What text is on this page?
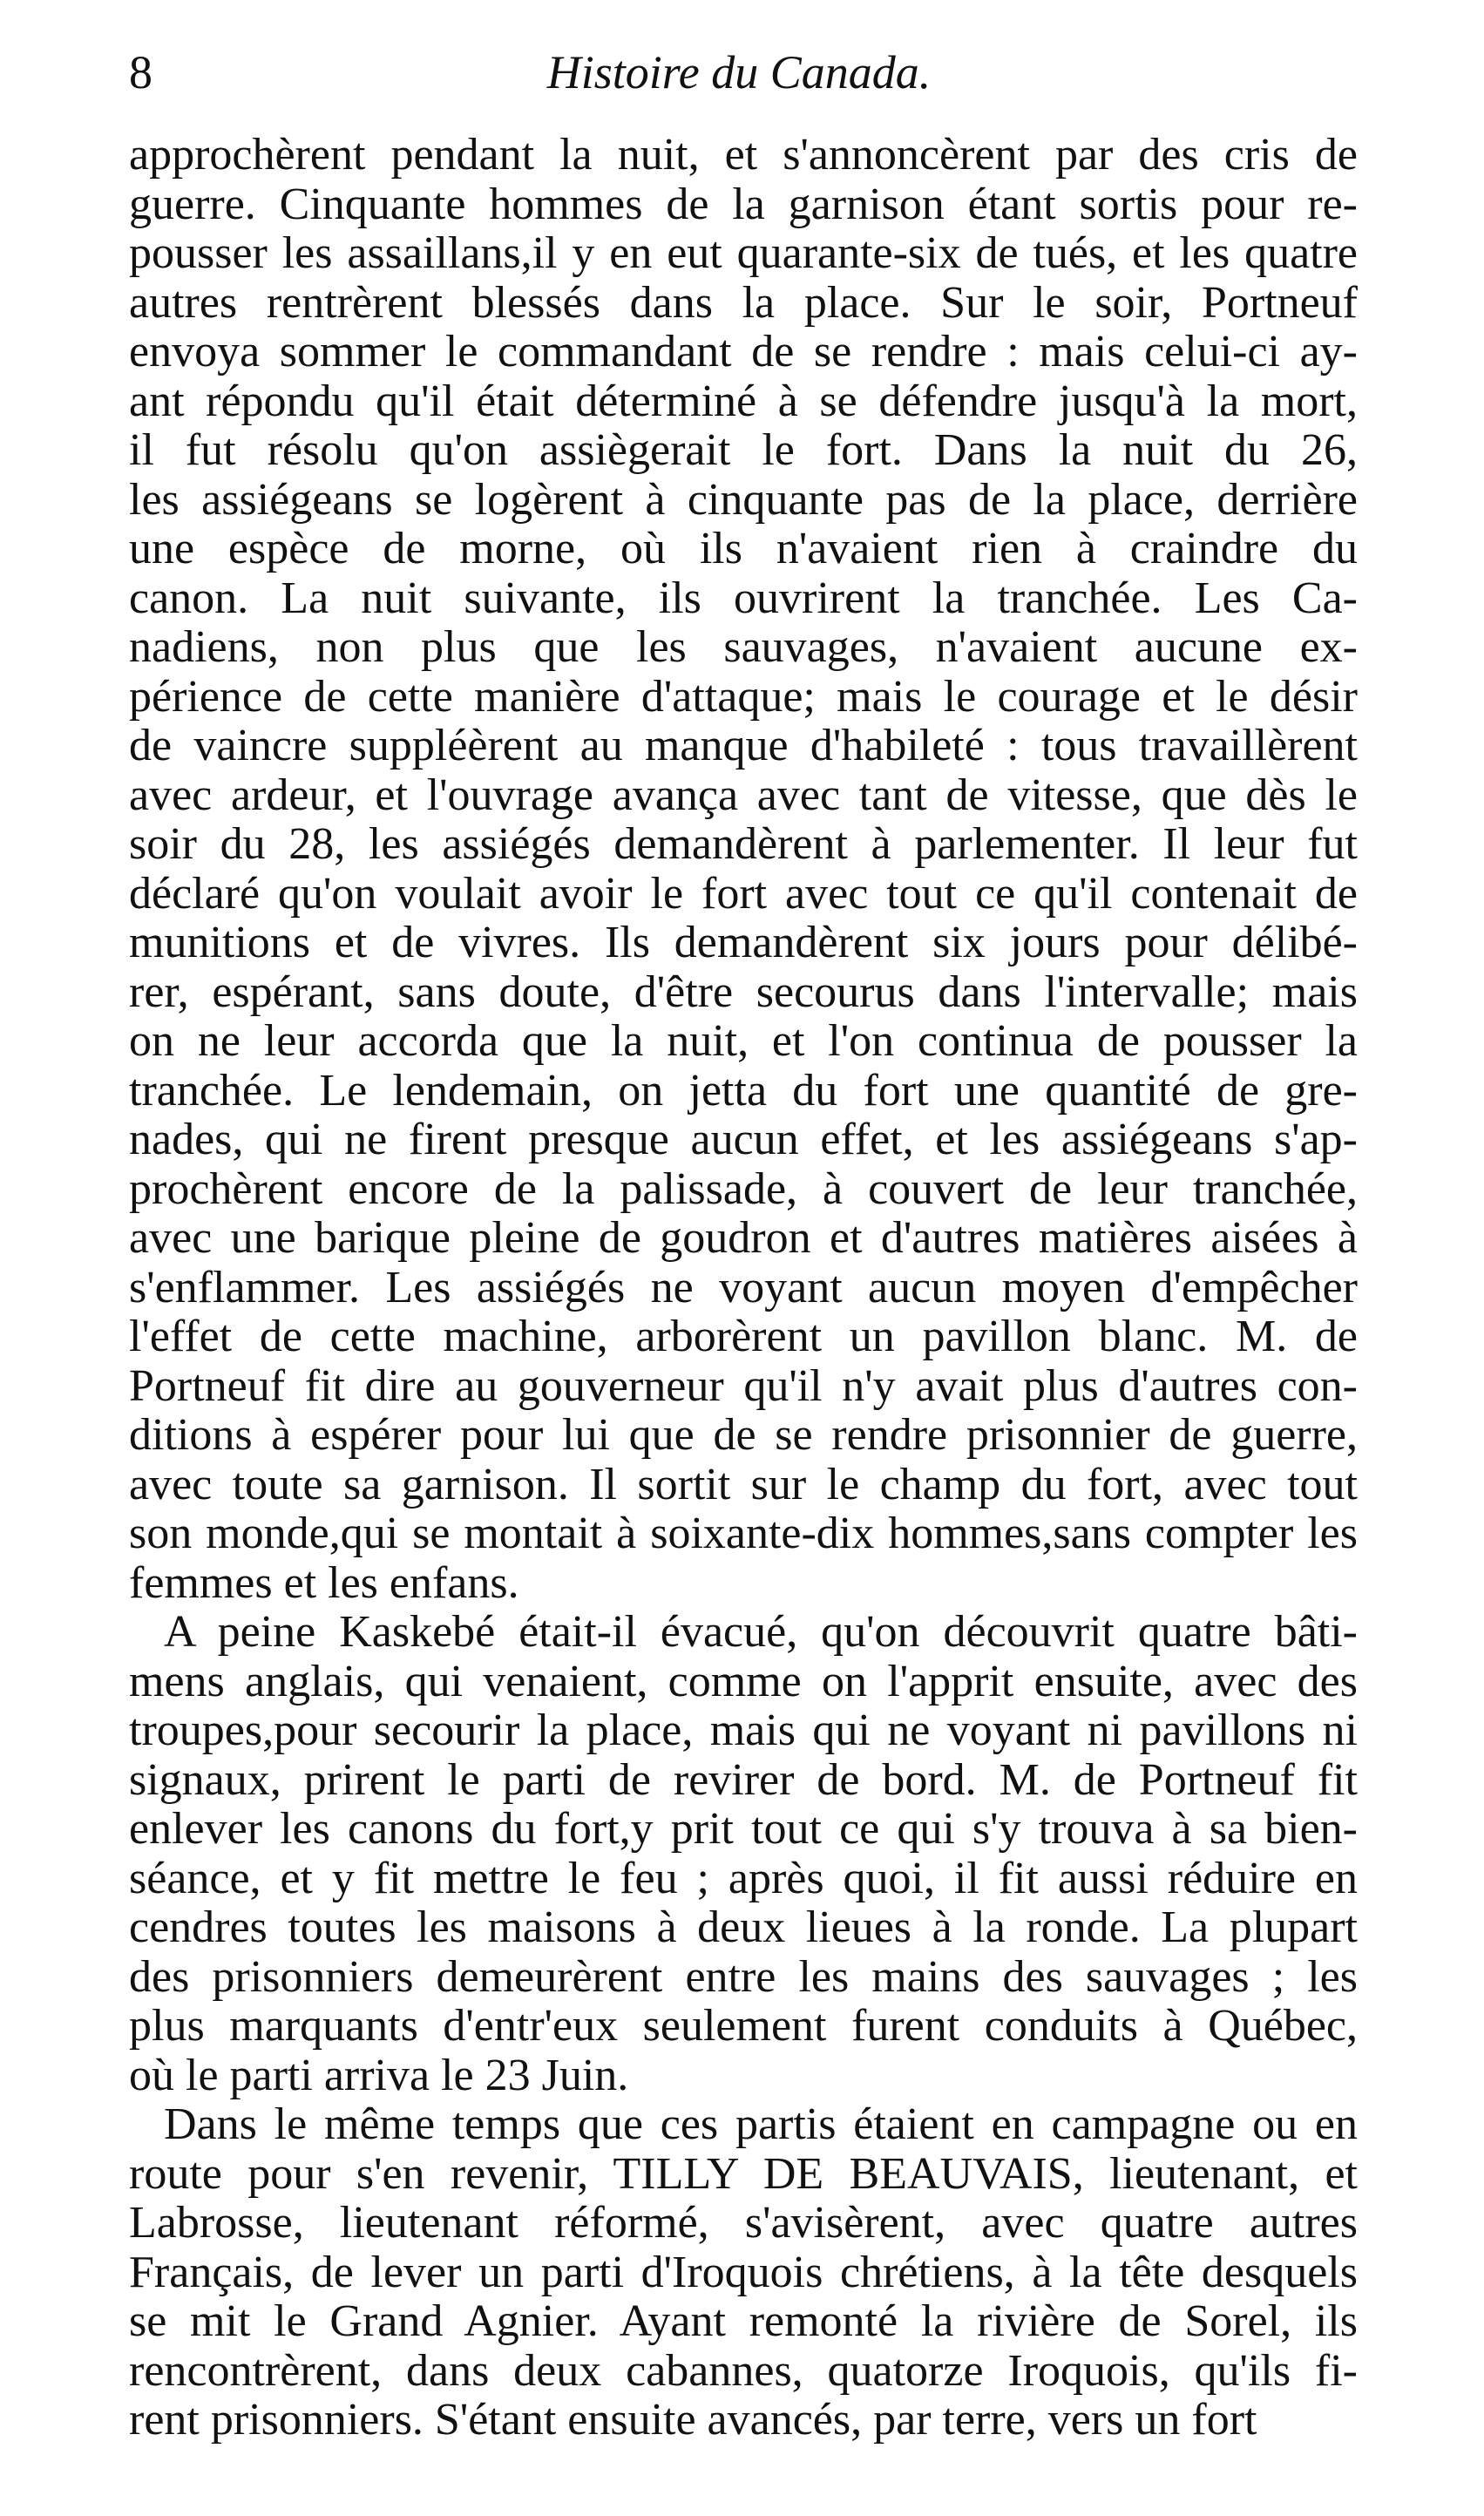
8	Histoire du Canada.
approchèrent pendant la nuit, et s'annoncèrent par des cris de
guerre. Cinquante hommes de la garnison étant sortis pour re-
pousser les assaillans,il y en eut quarante-six de tués, et les quatre
autres rentrèrent blessés dans la place. Sur le soir, Portneuf
envoya sommer le commandant de se rendre : mais celui-ci ay-
ant répondu qu'il était déterminé à se défendre jusqu'à la mort,
il fut résolu qu'on assiègerait le fort. Dans la nuit du 26,
les assiégeans se logèrent à cinquante pas de la place, derrière
une espèce de morne, où ils n'avaient rien à craindre du
canon. La nuit suivante, ils ouvrirent la tranchée. Les Ca-
nadiens, non plus que les sauvages, n'avaient aucune ex-
périence de cette manière d'attaque; mais le courage et le désir
de vaincre suppléèrent au manque d'habileté : tous travaillèrent
avec ardeur, et l'ouvrage avança avec tant de vitesse, que dès le
soir du 28, les assiégés demandèrent à parlementer. Il leur fut
déclaré qu'on voulait avoir le fort avec tout ce qu'il contenait de
munitions et de vivres. Ils demandèrent six jours pour délibé-
rer, espérant, sans doute, d'être secourus dans l'intervalle; mais
on ne leur accorda que la nuit, et l'on continua de pousser la
tranchée. Le lendemain, on jetta du fort une quantité de gre-
nades, qui ne firent presque aucun effet, et les assiégeans s'ap-
prochèrent encore de la palissade, à couvert de leur tranchée,
avec une barique pleine de goudron et d'autres matières aisées à
s'enflammer. Les assiégés ne voyant aucun moyen d'empêcher
l'effet de cette machine, arborèrent un pavillon blanc. M. de
Portneuf fit dire au gouverneur qu'il n'y avait plus d'autres con-
ditions à espérer pour lui que de se rendre prisonnier de guerre,
avec toute sa garnison. Il sortit sur le champ du fort, avec tout
son monde,qui se montait à soixante-dix hommes,sans compter les
femmes et les enfans.
A peine Kaskebé était-il évacué, qu'on découvrit quatre bâti-
mens anglais, qui venaient, comme on l'apprit ensuite, avec des
troupes,pour secourir la place, mais qui ne voyant ni pavillons ni
signaux, prirent le parti de revirer de bord. M. de Portneuf fit
enlever les canons du fort,y prit tout ce qui s'y trouva à sa bien-
séance, et y fit mettre le feu ; après quoi, il fit aussi réduire en
cendres toutes les maisons à deux lieues à la ronde. La plupart
des prisonniers demeurèrent entre les mains des sauvages ; les
plus marquants d'entr'eux seulement furent conduits à Québec,
où le parti arriva le 23 Juin.
Dans le même temps que ces partis étaient en campagne ou en
route pour s'en revenir, TILLY DE BEAUVAIS, lieutenant, et
Labrosse, lieutenant réformé, s'avisèrent, avec quatre autres
Français, de lever un parti d'Iroquois chrétiens, à la tête desquels
se mit le Grand Agnier. Ayant remonté la rivière de Sorel, ils
rencontrèrent, dans deux cabannes, quatorze Iroquois, qu'ils fi-
rent prisonniers. S'étant ensuite avancés, par terre, vers un fort
